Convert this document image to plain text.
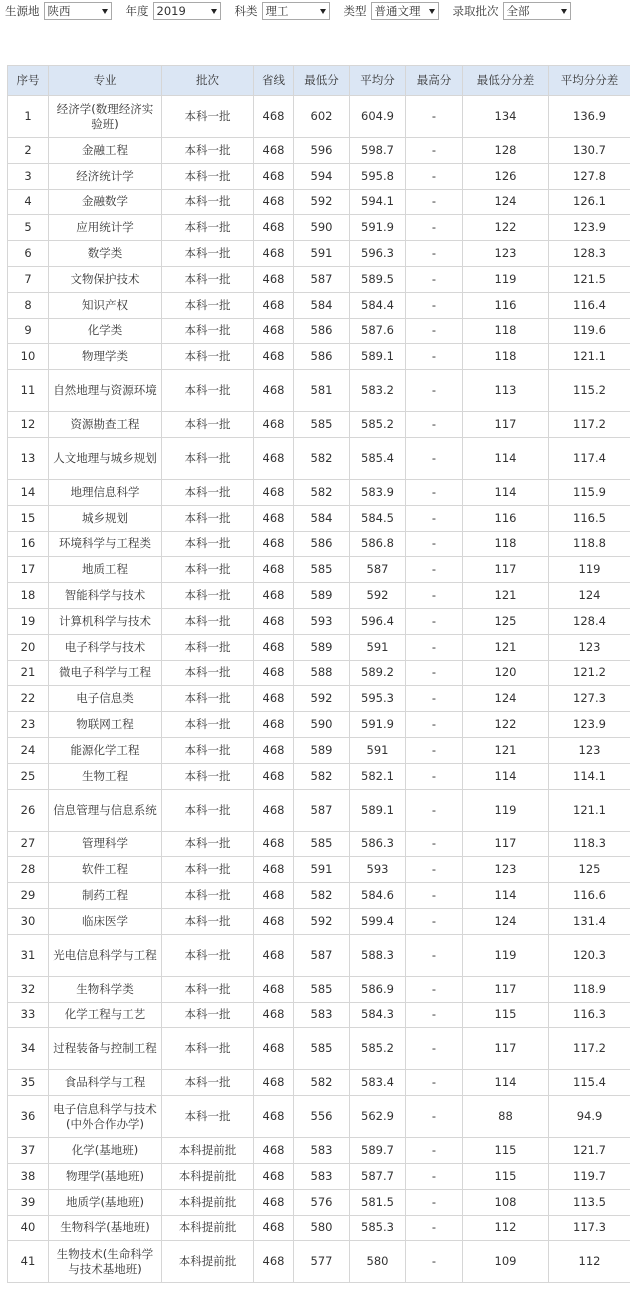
生源地 陕西	年度 2019	科类 理工	类型 普通文理	录取批次 全部
序号	专业	批次	省线	最低分	平均分	最高分	最低分分差	平均分分差
1	经济学(数理经济实验班)	本科一批	468	602	604.9	-	134	136.9
2	金融工程	本科一批	468	596	598.7	-	128	130.7
3	经济统计学	本科一批	468	594	595.8	-	126	127.8
4	金融数学	本科一批	468	592	594.1	-	124	126.1
5	应用统计学	本科一批	468	590	591.9	-	122	123.9
6	数学类	本科一批	468	591	596.3	-	123	128.3
7	文物保护技术	本科一批	468	587	589.5	-	119	121.5
8	知识产权	本科一批	468	584	584.4	-	116	116.4
9	化学类	本科一批	468	586	587.6	-	118	119.6
10	物理学类	本科一批	468	586	589.1	-	118	121.1
11	自然地理与资源环境	本科一批	468	581	583.2	-	113	115.2
12	资源勘查工程	本科一批	468	585	585.2	-	117	117.2
13	人文地理与城乡规划	本科一批	468	582	585.4	-	114	117.4
14	地理信息科学	本科一批	468	582	583.9	-	114	115.9
15	城乡规划	本科一批	468	584	584.5	-	116	116.5
16	环境科学与工程类	本科一批	468	586	586.8	-	118	118.8
17	地质工程	本科一批	468	585	587	-	117	119
18	智能科学与技术	本科一批	468	589	592	-	121	124
19	计算机科学与技术	本科一批	468	593	596.4	-	125	128.4
20	电子科学与技术	本科一批	468	589	591	-	121	123
21	微电子科学与工程	本科一批	468	588	589.2	-	120	121.2
22	电子信息类	本科一批	468	592	595.3	-	124	127.3
23	物联网工程	本科一批	468	590	591.9	-	122	123.9
24	能源化学工程	本科一批	468	589	591	-	121	123
25	生物工程	本科一批	468	582	582.1	-	114	114.1
26	信息管理与信息系统	本科一批	468	587	589.1	-	119	121.1
27	管理科学	本科一批	468	585	586.3	-	117	118.3
28	软件工程	本科一批	468	591	593	-	123	125
29	制药工程	本科一批	468	582	584.6	-	114	116.6
30	临床医学	本科一批	468	592	599.4	-	124	131.4
31	光电信息科学与工程	本科一批	468	587	588.3	-	119	120.3
32	生物科学类	本科一批	468	585	586.9	-	117	118.9
33	化学工程与工艺	本科一批	468	583	584.3	-	115	116.3
34	过程装备与控制工程	本科一批	468	585	585.2	-	117	117.2
35	食品科学与工程	本科一批	468	582	583.4	-	114	115.4
36	电子信息科学与技术(中外合作办学)	本科一批	468	556	562.9	-	88	94.9
37	化学(基地班)	本科提前批	468	583	589.7	-	115	121.7
38	物理学(基地班)	本科提前批	468	583	587.7	-	115	119.7
39	地质学(基地班)	本科提前批	468	576	581.5	-	108	113.5
40	生物科学(基地班)	本科提前批	468	580	585.3	-	112	117.3
41	生物技术(生命科学与技术基地班)	本科提前批	468	577	580	-	109	112
